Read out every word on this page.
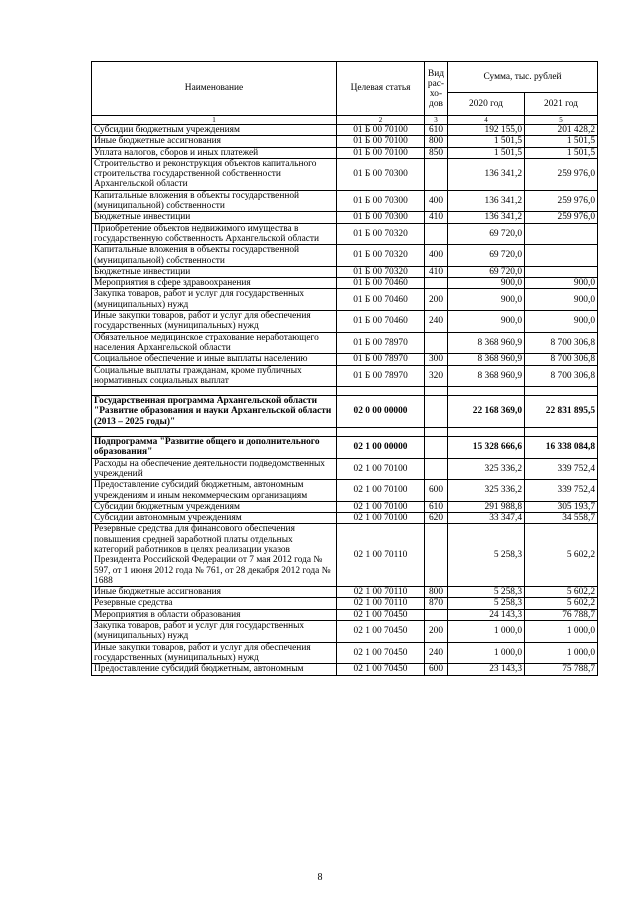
Наименование	Целевая статья	Вид рас-хо-дов	Сумма, тыс. рублей	
			2020 год	2021 год
1	2	3	4	5
Субсидии бюджетным учреждениям	01 Б 00 70100	610	192 155,0	201 428,2
Иные бюджетные ассигнования	01 Б 00 70100	800	1 501,5	1 501,5
Уплата налогов, сборов и иных платежей	01 Б 00 70100	850	1 501,5	1 501,5
Строительство и реконструкция объектов капитального строительства государственной собственности Архангельской области	01 Б 00 70300		136 341,2	259 976,0
Капитальные вложения в объекты государственной (муниципальной) собственности	01 Б 00 70300	400	136 341,2	259 976,0
Бюджетные инвестиции	01 Б 00 70300	410	136 341,2	259 976,0
Приобретение объектов недвижимого имущества в государственную собственность Архангельской области	01 Б 00 70320		69 720,0	
Капитальные вложения в объекты государственной (муниципальной) собственности	01 Б 00 70320	400	69 720,0	
Бюджетные инвестиции	01 Б 00 70320	410	69 720,0	
Мероприятия в сфере здравоохранения	01 Б 00 70460		900,0	900,0
Закупка товаров, работ и услуг для государственных (муниципальных) нужд	01 Б 00 70460	200	900,0	900,0
Иные закупки товаров, работ и услуг для обеспечения государственных (муниципальных) нужд	01 Б 00 70460	240	900,0	900,0
Обязательное медицинское страхование неработающего населения Архангельской области	01 Б 00 78970		8 368 960,9	8 700 306,8
Социальное обеспечение и иные выплаты населению	01 Б 00 78970	300	8 368 960,9	8 700 306,8
Социальные выплаты гражданам, кроме публичных нормативных социальных выплат	01 Б 00 78970	320	8 368 960,9	8 700 306,8

Государственная программа Архангельской области "Развитие образования и науки Архангельской области (2013 – 2025 годы)"	02 0 00 00000		22 168 369,0	22 831 895,5

Подпрограмма "Развитие общего и дополнительного образования"	02 1 00 00000		15 328 666,6	16 338 084,8
Расходы на обеспечение деятельности подведомственных учреждений	02 1 00 70100		325 336,2	339 752,4
Предоставление субсидий бюджетным, автономным учреждениям и иным некоммерческим организациям	02 1 00 70100	600	325 336,2	339 752,4
Субсидии бюджетным учреждениям	02 1 00 70100	610	291 988,8	305 193,7
Субсидии автономным учреждениям	02 1 00 70100	620	33 347,4	34 558,7
Резервные средства для финансового обеспечения повышения средней заработной платы отдельных категорий работников в целях реализации указов Президента Российской Федерации от 7 мая 2012 года № 597, от 1 июня 2012 года № 761, от 28 декабря 2012 года № 1688	02 1 00 70110		5 258,3	5 602,2
Иные бюджетные ассигнования	02 1 00 70110	800	5 258,3	5 602,2
Резервные средства	02 1 00 70110	870	5 258,3	5 602,2
Мероприятия в области образования	02 1 00 70450		24 143,3	76 788,7
Закупка товаров, работ и услуг для государственных (муниципальных) нужд	02 1 00 70450	200	1 000,0	1 000,0
Иные закупки товаров, работ и услуг для обеспечения государственных (муниципальных) нужд	02 1 00 70450	240	1 000,0	1 000,0
Предоставление субсидий бюджетным, автономным	02 1 00 70450	600	23 143,3	75 788,7
8
